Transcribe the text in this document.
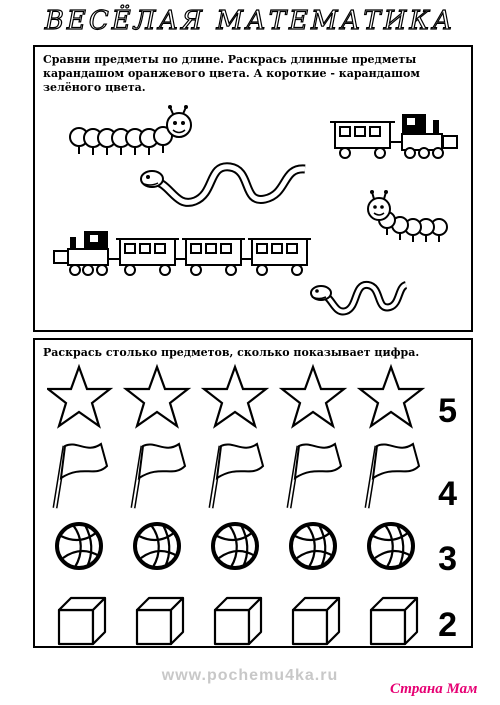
ВЕСЁЛАЯ МАТЕМАТИКА
Сравни предметы по длине. Раскрась длинные предметы карандашом оранжевого цвета. А короткие - карандашом зелёного цвета.
Раскрась столько предметов, сколько показывает цифра.
5
4
3
2
www.pochemu4ka.ru
Страна Мам
